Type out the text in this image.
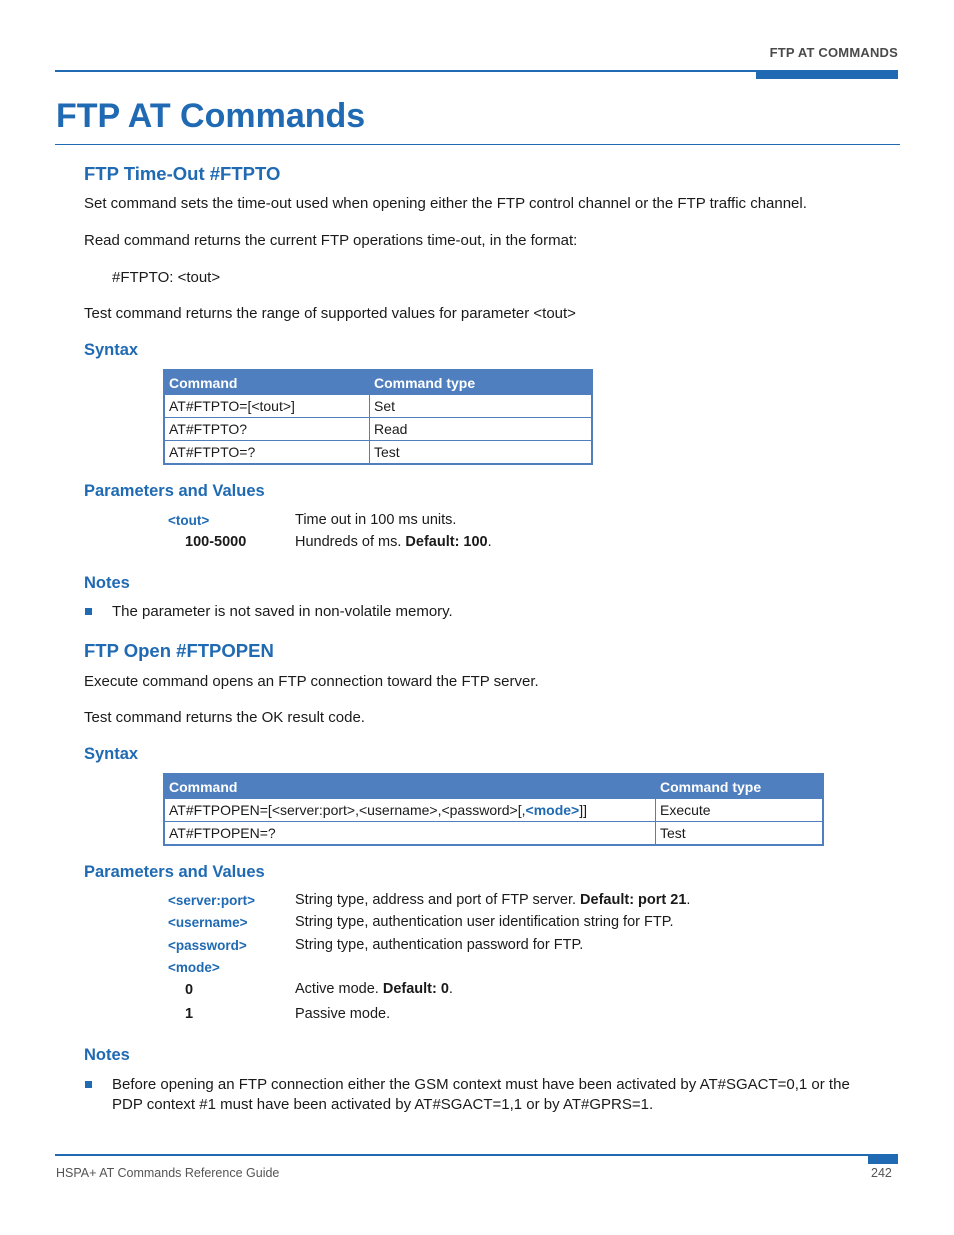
FTP AT COMMANDS
FTP AT Commands
FTP Time-Out #FTPTO
Set command sets the time-out used when opening either the FTP control channel or the FTP traffic channel.
Read command returns the current FTP operations time-out, in the format:
#FTPTO: <tout>
Test command returns the range of supported values for parameter <tout>
Syntax
Command	Command type
AT#FTPTO=[<tout>]	Set
AT#FTPTO?	Read
AT#FTPTO=?	Test
Parameters and Values
<tout>	Time out in 100 ms units.
100-5000	Hundreds of ms. Default: 100.
Notes
The parameter is not saved in non-volatile memory.
FTP Open #FTPOPEN
Execute command opens an FTP connection toward the FTP server.
Test command returns the OK result code.
Syntax
Command	Command type
AT#FTPOPEN=[<server:port>,<username>,<password>[,<mode>]]	Execute
AT#FTPOPEN=?	Test
Parameters and Values
<server:port>	String type, address and port of FTP server. Default: port 21.
<username>	String type, authentication user identification string for FTP.
<password>	String type, authentication password for FTP.
<mode>
0	Active mode. Default: 0.
1	Passive mode.
Notes
Before opening an FTP connection either the GSM context must have been activated by AT#SGACT=0,1 or the
PDP context #1 must have been activated by AT#SGACT=1,1 or by AT#GPRS=1.
HSPA+ AT Commands Reference Guide	242
